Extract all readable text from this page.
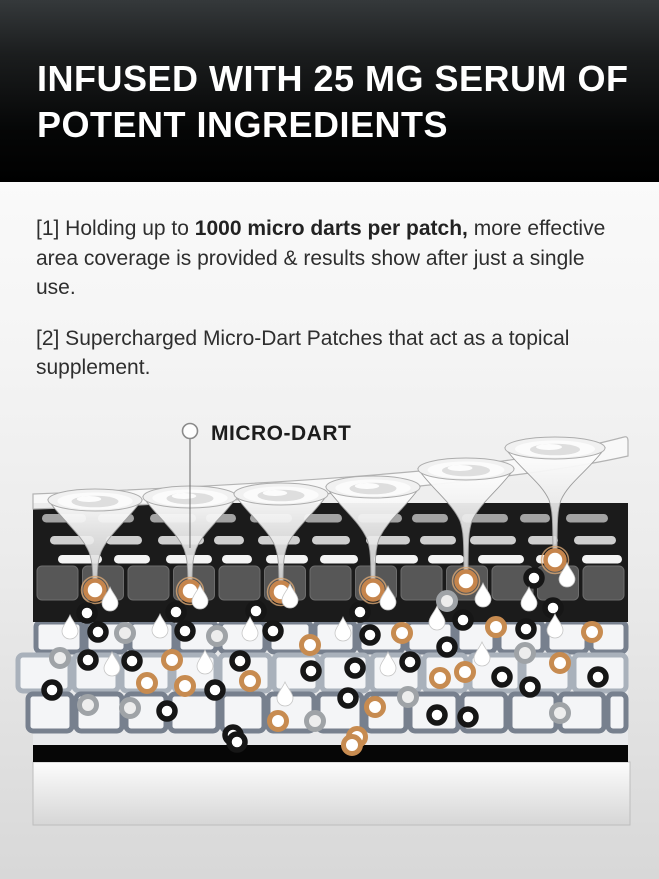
INFUSED WITH 25 MG SERUM OF
POTENT INGREDIENTS

[1] Holding up to 1000 micro darts per patch, more effective area coverage is provided & results show after just a single use.

[2] Supercharged Micro-Dart Patches that act as a topical supplement.

MICRO-DART
